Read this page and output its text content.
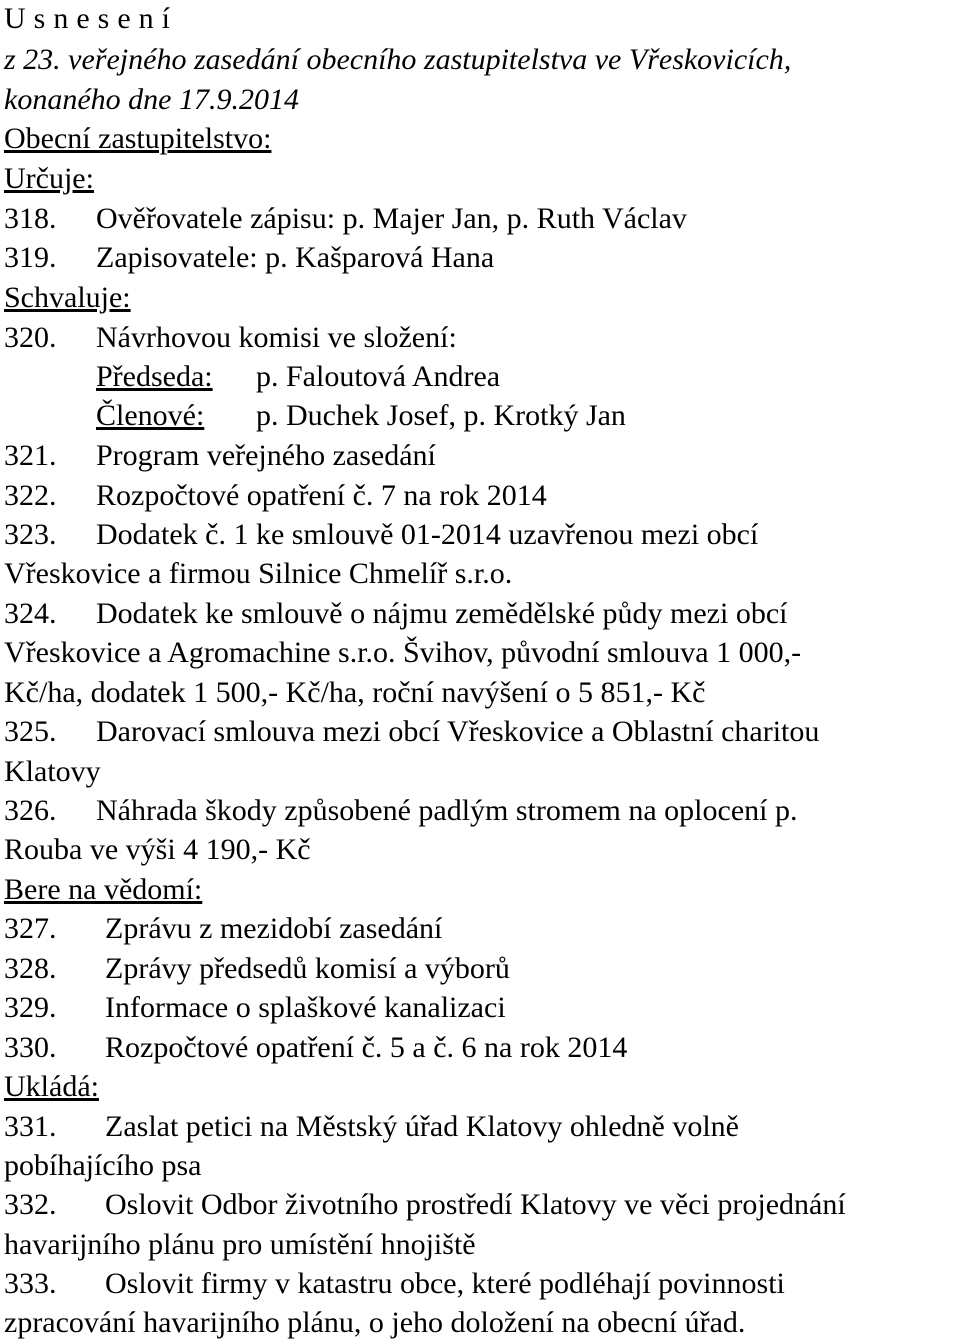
Usnesení
z 23. veřejného zasedání obecního zastupitelstva ve Vřeskovicích,
konaného dne 17.9.2014
Obecní zastupitelstvo:
Určuje:
318. Ověřovatele zápisu: p. Majer Jan, p. Ruth Václav
319. Zapisovatele: p. Kašparová Hana
Schvaluje:
320. Návrhovou komisi ve složení:
Předseda: p. Faloutová Andrea
Členové: p. Duchek Josef, p. Krotký Jan
321. Program veřejného zasedání
322. Rozpočtové opatření č. 7 na rok 2014
323. Dodatek č. 1 ke smlouvě 01-2014 uzavřenou mezi obcí
Vřeskovice a firmou Silnice Chmelíř s.r.o.
324. Dodatek ke smlouvě o nájmu zemědělské půdy mezi obcí
Vřeskovice a Agromachine s.r.o. Švihov, původní smlouva 1 000,-
Kč/ha, dodatek 1 500,- Kč/ha, roční navýšení o 5 851,- Kč
325. Darovací smlouva mezi obcí Vřeskovice a Oblastní charitou
Klatovy
326. Náhrada škody způsobené padlým stromem na oplocení p.
Rouba ve výši 4 190,- Kč
Bere na vědomí:
327. Zprávu z mezidobí zasedání
328. Zprávy předsedů komisí a výborů
329. Informace o splaškové kanalizaci
330. Rozpočtové opatření č. 5 a č. 6 na rok 2014
Ukládá:
331. Zaslat petici na Městský úřad Klatovy ohledně volně
pobíhajícího psa
332. Oslovit Odbor životního prostředí Klatovy ve věci projednání
havarijního plánu pro umístění hnojiště
333. Oslovit firmy v katastru obce, které podléhají povinnosti
zpracování havarijního plánu, o jeho doložení na obecní úřad.
